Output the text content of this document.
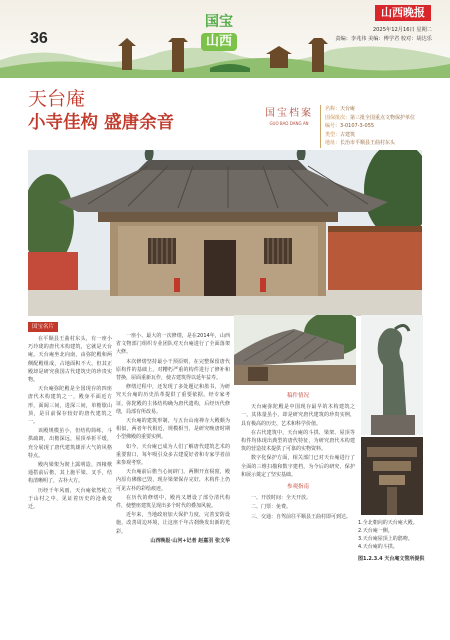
36
国宝
山西
山西晚报
2025年12月16日 星期二
责编：李兆伟 美编：傅学君 校对：胡达乐
天台庵
小寺佳构 盛唐余音	国宝档案
GUO BAO DANG AN
名称：天台庵
国保批次：第三批全国重点文物保护单位
编号：3-0107-3-055
类型：古建筑
地址：长治市平顺县王曲村东头
国宝名片

在平顺县王曲村东头，有一座小巧玲珑的唐代木构建筑，它就是天台庵。天台庵坐北向南，由弥陀殿和两侧配殿组成，占地面积不大，但其正殿却是研究我国古代建筑史的珍贵实物。

天台庵弥陀殿是全国现存的四座唐代木构建筑之一，殿身平面近方形，面阔三间，进深三间，单檐歇山顶，是目前保存较好的唐代建筑之一。

该殿规模虽小，但结构简练，斗拱疏朗，出檐深远，屋顶举折平缓，充分展现了唐代建筑雄浑大气的风格特点。

殿内梁架为彻上露明造，四椽栿通搭前后檐，其上施平梁、叉手，结构清晰明了，古朴大方。

历经千年风雨，天台庵依然屹立于山村之中，见证着历史的沧桑变迁。

一座小、最大的一次修缮，是在2014年，山西省文物部门组织专业团队对天台庵进行了全面落架大修。

本次修缮坚持最小干预原则，在完整保留唐代原构件的基础上，对糟朽严重的构件进行了修补和替换，屋面重新瓦作，使古建筑得以延年益寿。

修缮过程中，还发现了多处题记和墨书，为研究天台庵的历史沿革提供了重要依据。经专家考证，弥陀殿的主体结构确为唐代遗构，后经历代修缮，局部有所改易。

天台庵的建筑形制，与五台山南禅寺大殿颇为相似，两者年代相近，规模相当，是研究晚唐时期小型佛殿的重要实例。

如今，天台庵已成为人们了解唐代建筑艺术的重要窗口，每年吸引众多古建爱好者和专家学者前来参观考察。

天台庵前后檐当心间辟门，两侧开直棂窗，殿内原有佛像已毁，现存梁架保存完好，木构件上仍可见古朴的彩绘痕迹。

在历代的修缮中，殿内又增设了部分清代构件，使整座建筑呈现出多个时代的叠加风貌。

近年来，当地政府加大保护力度，完善安防设施，改善周边环境，让这座千年古刹焕发出新的光彩。

山西晚报·山河+记者 赵嘉羽 张文华

稿件情况

天台庵弥陀殿是中国现存最早的木构建筑之一，其体量虽小，却是研究唐代建筑的珍贵实例，具有极高的历史、艺术和科学价值。

在古代建筑中，天台庵的斗拱、梁架、屋顶等构件均体现出典型的唐代特征，为研究唐代木构建筑的营造技术提供了可靠的实物资料。

数字化保护方面，相关部门已对天台庵进行了全面的三维扫描和数字建档，为今后的研究、保护和展示奠定了坚实基础。

参观指南

一、开放时间：全天开放。

二、门票：免费。

三、交通：自驾前往平顺县王曲村即可到达。

1.全北朝向的天台庵大殿。
2.天台庵一侧。
3.天台庵屋顶上的鸱吻。
4.天台庵的斗拱。
图1.2.3.4 天台庵文管所提供
